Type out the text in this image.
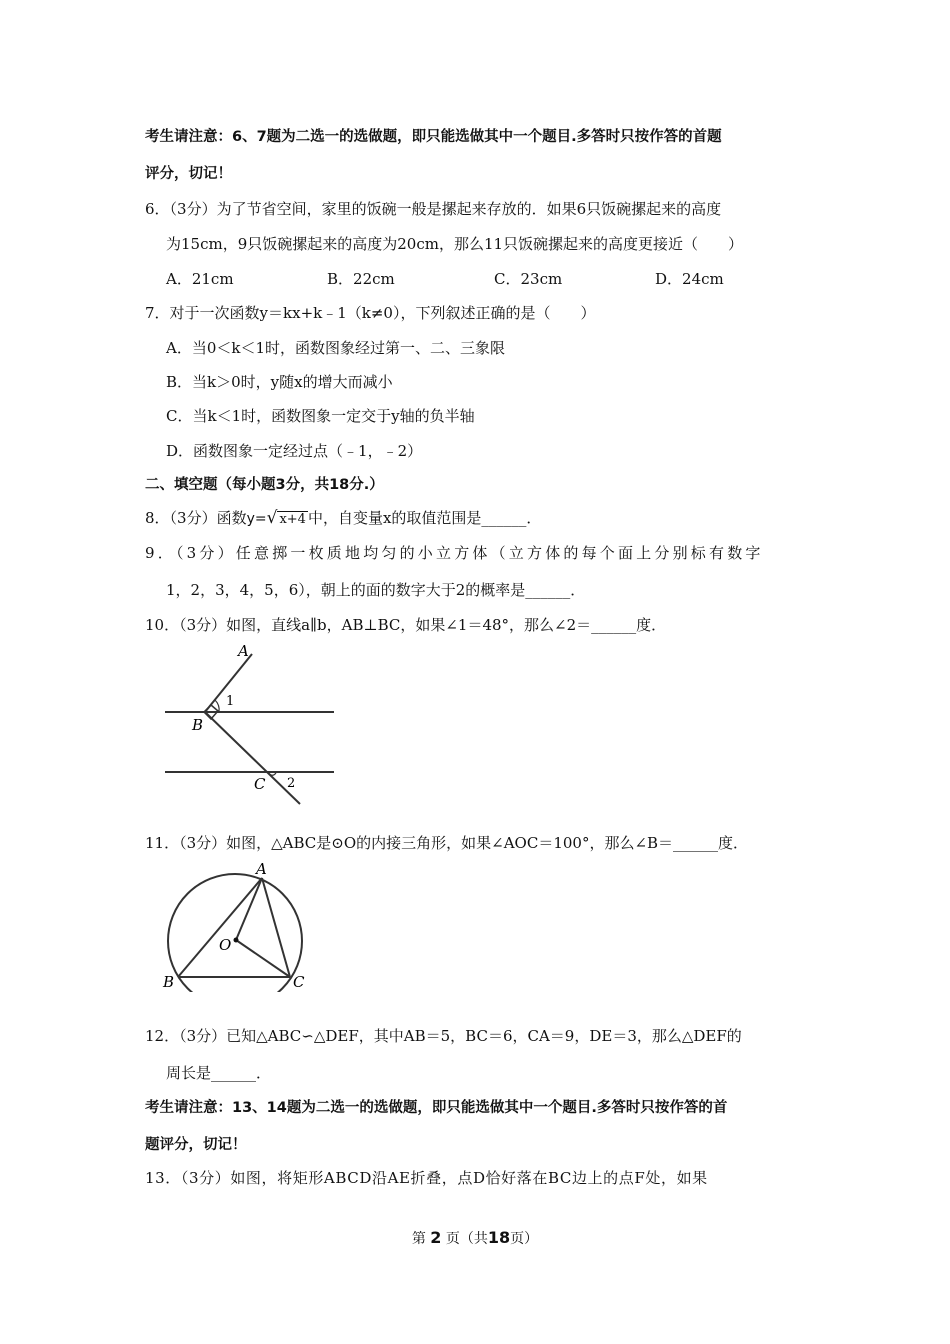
考生请注意：6、7题为二选一的选做题，即只能选做其中一个题目.多答时只按作答的首题
评分，切记！
6．（3分）为了节省空间，家里的饭碗一般是摞起来存放的．如果6只饭碗摞起来的高度
为15cm，9只饭碗摞起来的高度为20cm，那么11只饭碗摞起来的高度更接近（　　）
A．21cm	B．22cm	C．23cm	D．24cm
7．对于一次函数y＝kx+k﹣1（k≠0），下列叙述正确的是（　　）
A．当0＜k＜1时，函数图象经过第一、二、三象限
B．当k＞0时，y随x的增大而减小
C．当k＜1时，函数图象一定交于y轴的负半轴
D．函数图象一定经过点（﹣1，﹣2）
二、填空题（每小题3分，共18分.）
8．（3分）函数y=√ x+4 中，自变量x的取值范围是______．
9．（3分）任意掷一枚质地均匀的小立方体（立方体的每个面上分别标有数字
1，2，3，4，5，6），朝上的面的数字大于2的概率是______．
10．（3分）如图，直线a∥b，AB⊥BC，如果∠1＝48°，那么∠2＝______度．
A
B
C
1
2
11．（3分）如图，△ABC是⊙O的内接三角形，如果∠AOC＝100°，那么∠B＝______度．
A
B	C
O
12．（3分）已知△ABC∽△DEF，其中AB＝5，BC＝6，CA＝9，DE＝3，那么△DEF的
周长是______．
考生请注意：13、14题为二选一的选做题，即只能选做其中一个题目.多答时只按作答的首
题评分，切记！
13．（3分）如图，将矩形ABCD沿AE折叠，点D恰好落在BC边上的点F处，如果
第 2 页（共18页）
